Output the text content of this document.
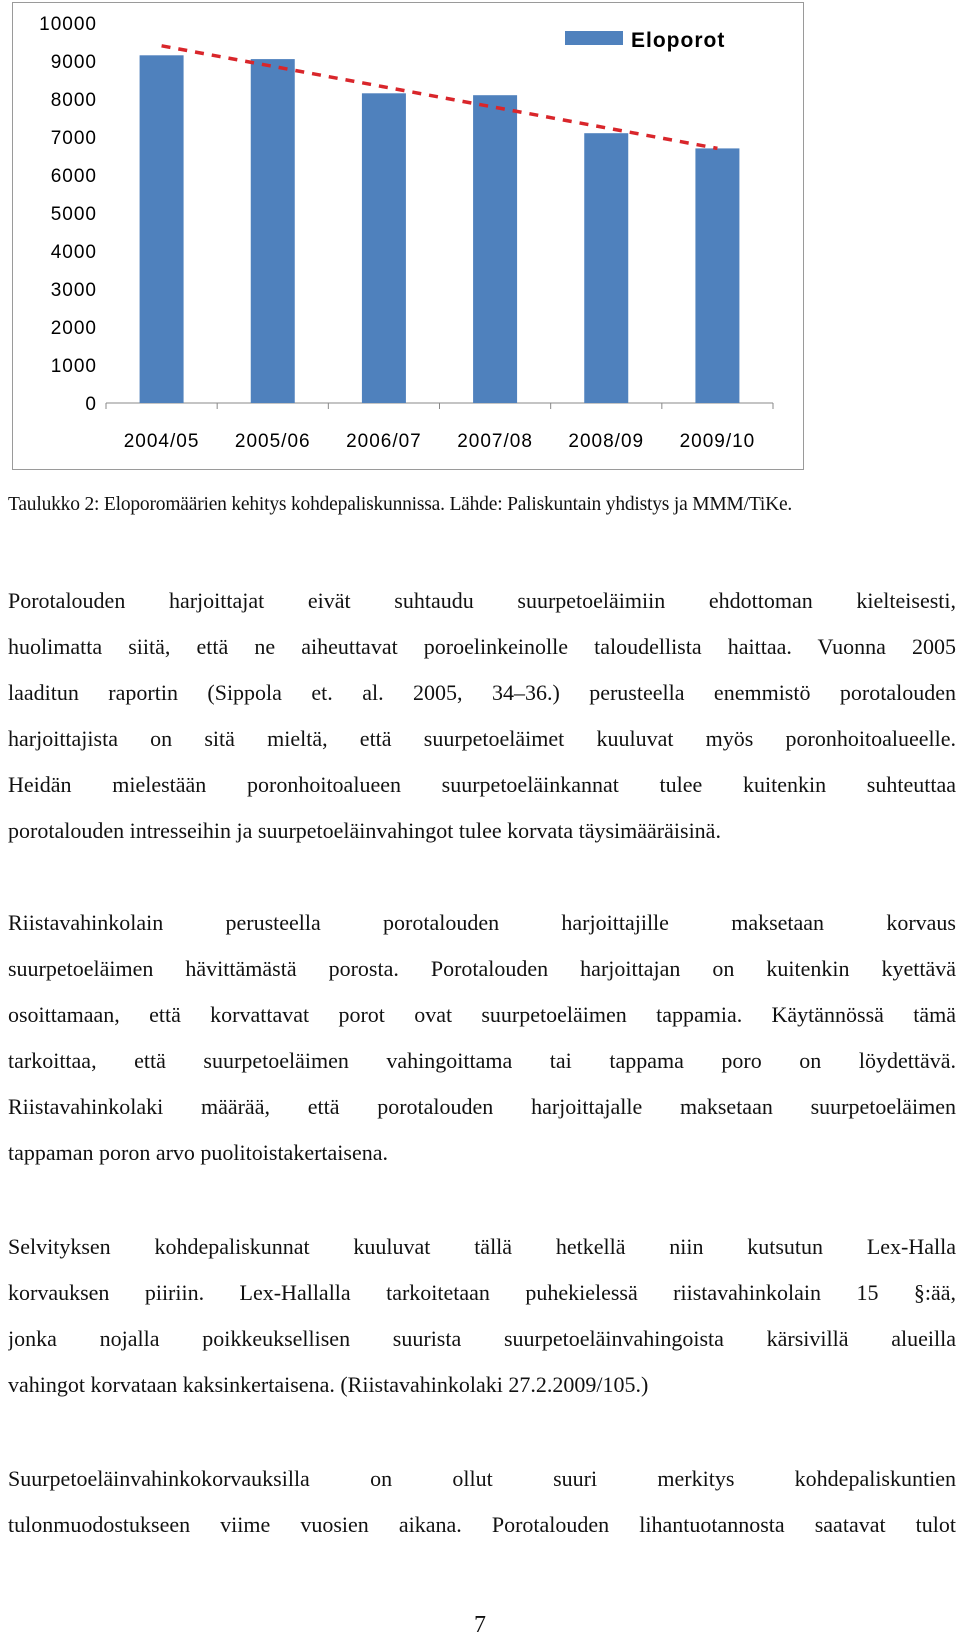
0
1000
2000
3000
4000
5000
6000
7000
8000
9000
10000
2004/05 2005/06 2006/07 2007/08 2008/09 2009/10
Eloporot
Taulukko 2: Eloporomäärien kehitys kohdepaliskunnissa. Lähde: Paliskuntain yhdistys ja MMM/TiKe.
Porotalouden harjoittajat eivät suhtaudu suurpetoeläimiin ehdottoman kielteisesti,
huolimatta siitä, että ne aiheuttavat poroelinkeinolle taloudellista haittaa. Vuonna 2005
laaditun raportin (Sippola et. al. 2005, 34–36.) perusteella enemmistö porotalouden
harjoittajista on sitä mieltä, että suurpetoeläimet kuuluvat myös poronhoitoalueelle.
Heidän mielestään poronhoitoalueen suurpetoeläinkannat tulee kuitenkin suhteuttaa
porotalouden intresseihin ja suurpetoeläinvahingot tulee korvata täysimääräisinä.
Riistavahinkolain perusteella porotalouden harjoittajille maksetaan korvaus
suurpetoeläimen hävittämästä porosta. Porotalouden harjoittajan on kuitenkin kyettävä
osoittamaan, että korvattavat porot ovat suurpetoeläimen tappamia. Käytännössä tämä
tarkoittaa, että suurpetoeläimen vahingoittama tai tappama poro on löydettävä.
Riistavahinkolaki määrää, että porotalouden harjoittajalle maksetaan suurpetoeläimen
tappaman poron arvo puolitoistakertaisena.
Selvityksen kohdepaliskunnat kuuluvat tällä hetkellä niin kutsutun Lex-Halla
korvauksen piiriin. Lex-Hallalla tarkoitetaan puhekielessä riistavahinkolain 15 §:ää,
jonka nojalla poikkeuksellisen suurista suurpetoeläinvahingoista kärsivillä alueilla
vahingot korvataan kaksinkertaisena. (Riistavahinkolaki 27.2.2009/105.)
Suurpetoeläinvahinkokorvauksilla on ollut suuri merkitys kohdepaliskuntien
tulonmuodostukseen viime vuosien aikana. Porotalouden lihantuotannosta saatavat tulot
7
